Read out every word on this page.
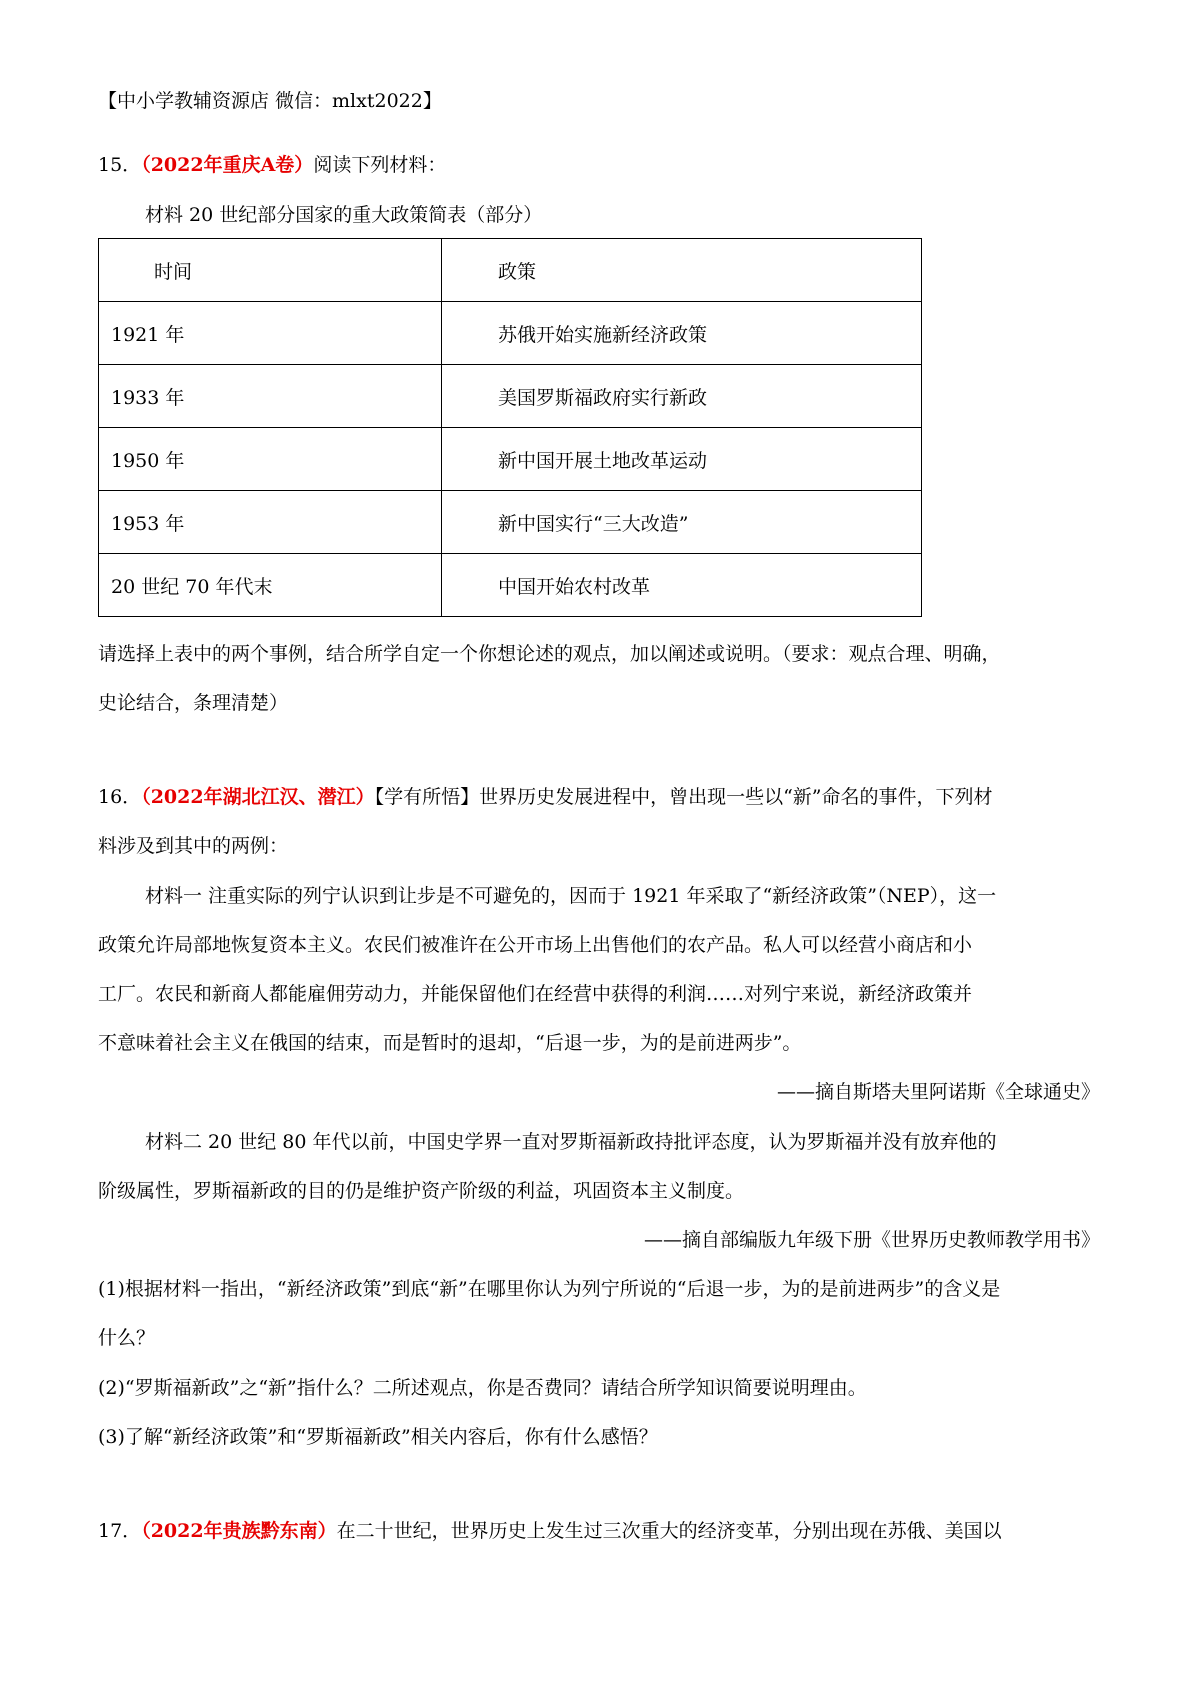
【中小学教辅资源店 微信：mlxt2022】
15．（2022年重庆A卷）阅读下列材料：
材料 20 世纪部分国家的重大政策简表（部分）
时间	政策
1921 年	苏俄开始实施新经济政策
1933 年	美国罗斯福政府实行新政
1950 年	新中国开展土地改革运动
1953 年	新中国实行“三大改造”
20 世纪 70 年代末	中国开始农村改革
请选择上表中的两个事例，结合所学自定一个你想论述的观点，加以阐述或说明。（要求：观点合理、明确，
史论结合，条理清楚）
16．（2022年湖北江汉、潜江）【学有所悟】世界历史发展进程中，曾出现一些以“新”命名的事件，下列材
料涉及到其中的两例：
材料一 注重实际的列宁认识到让步是不可避免的，因而于 1921 年采取了“新经济政策”（NEP），这一
政策允许局部地恢复资本主义。农民们被准许在公开市场上出售他们的农产品。私人可以经营小商店和小
工厂。农民和新商人都能雇佣劳动力，并能保留他们在经营中获得的利润……对列宁来说，新经济政策并
不意味着社会主义在俄国的结束，而是暂时的退却，“后退一步，为的是前进两步”。
——摘自斯塔夫里阿诺斯《全球通史》
材料二 20 世纪 80 年代以前，中国史学界一直对罗斯福新政持批评态度，认为罗斯福并没有放弃他的
阶级属性，罗斯福新政的目的仍是维护资产阶级的利益，巩固资本主义制度。
——摘自部编版九年级下册《世界历史教师教学用书》
(1)根据材料一指出，“新经济政策”到底“新”在哪里你认为列宁所说的“后退一步，为的是前进两步”的含义是
什么？
(2)“罗斯福新政”之“新”指什么？二所述观点，你是否费同？请结合所学知识简要说明理由。
(3)了解“新经济政策”和“罗斯福新政”相关内容后，你有什么感悟？
17．（2022年贵族黔东南）在二十世纪，世界历史上发生过三次重大的经济变革，分别出现在苏俄、美国以
